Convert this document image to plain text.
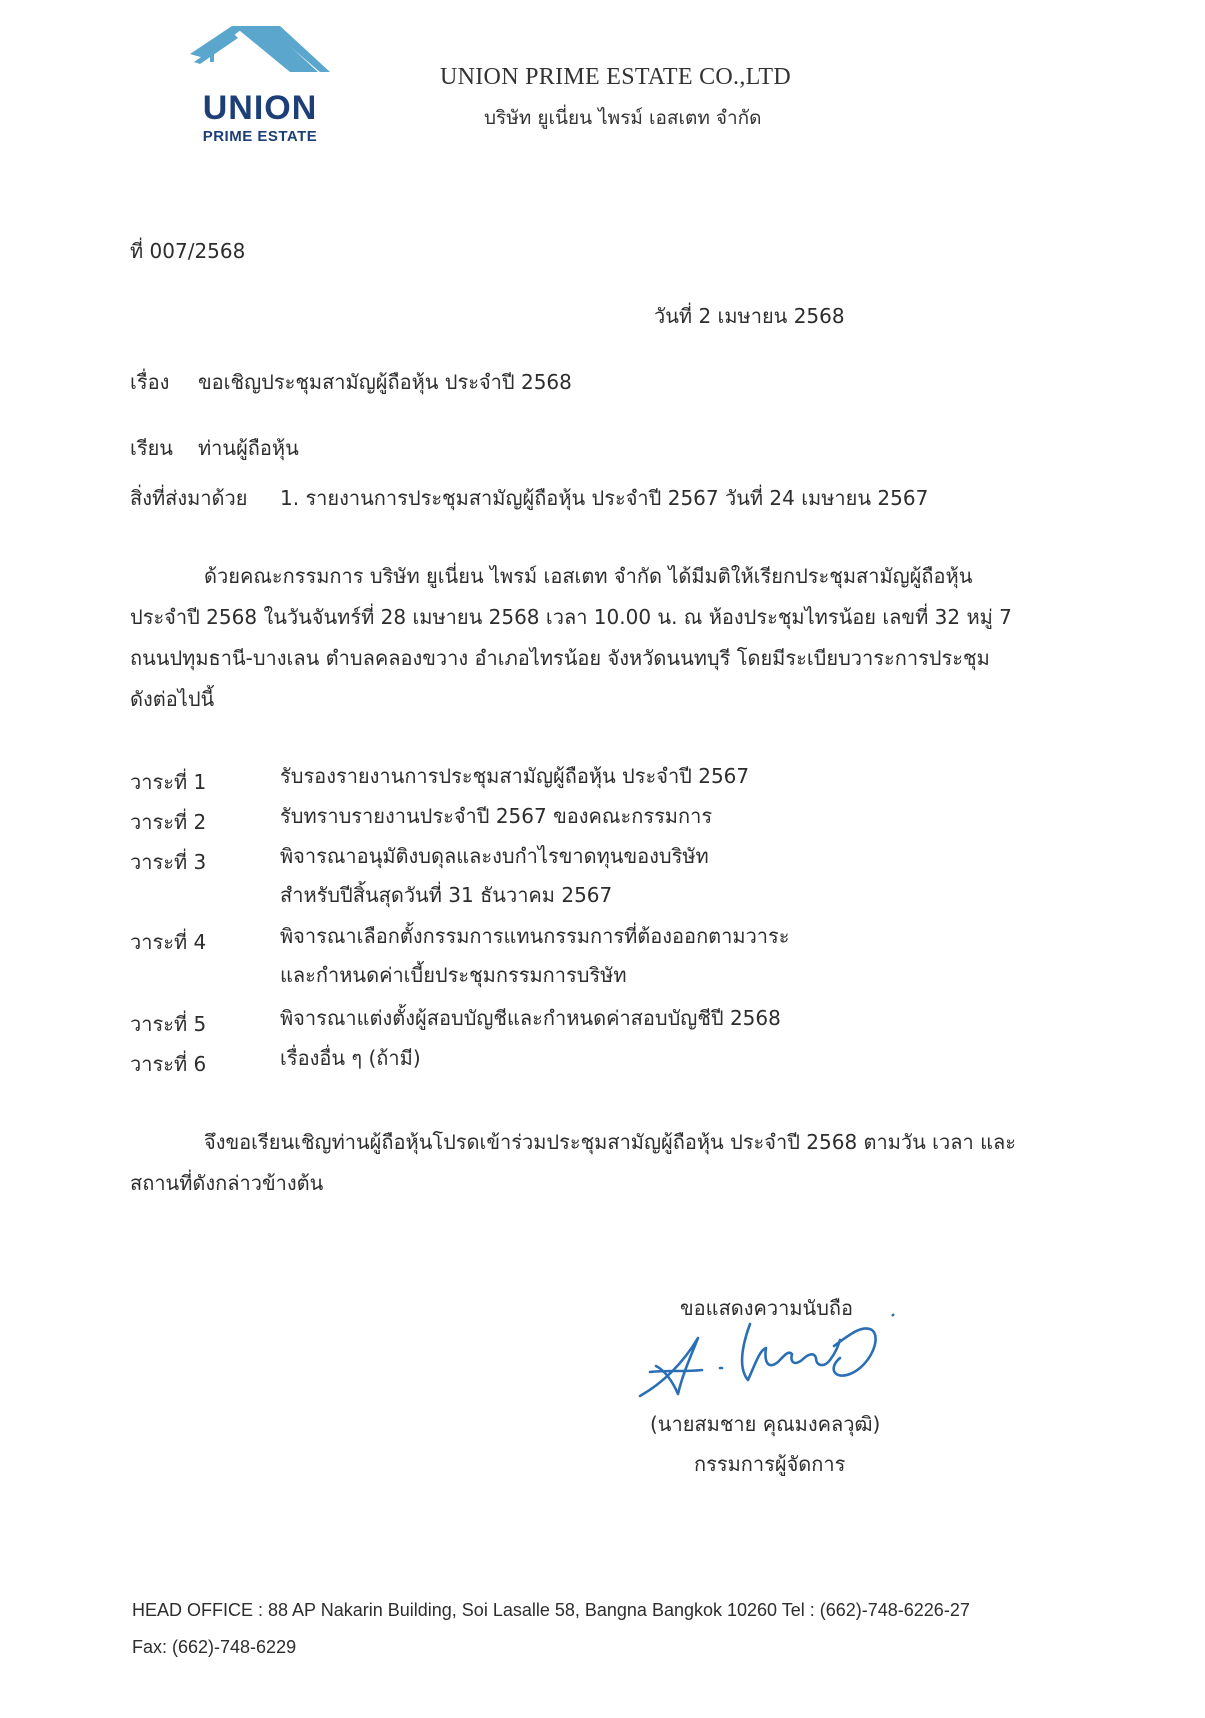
UNION
PRIME ESTATE
UNION PRIME ESTATE CO.,LTD
บริษัท ยูเนี่ยน ไพรม์ เอสเตท จำกัด
ที่ 007/2568
วันที่ 2 เมษายน 2568
เรื่อง ขอเชิญประชุมสามัญผู้ถือหุ้น ประจำปี 2568
เรียน ท่านผู้ถือหุ้น
สิ่งที่ส่งมาด้วย 1. รายงานการประชุมสามัญผู้ถือหุ้น ประจำปี 2567 วันที่ 24 เมษายน 2567
ด้วยคณะกรรมการ บริษัท ยูเนี่ยน ไพรม์ เอสเตท จำกัด ได้มีมติให้เรียกประชุมสามัญผู้ถือหุ้น
ประจำปี 2568 ในวันจันทร์ที่ 28 เมษายน 2568 เวลา 10.00 น. ณ ห้องประชุมไทรน้อย เลขที่ 32 หมู่ 7
ถนนปทุมธานี-บางเลน ตำบลคลองขวาง อำเภอไทรน้อย จังหวัดนนทบุรี โดยมีระเบียบวาระการประชุม
ดังต่อไปนี้
วาระที่ 1	รับรองรายงานการประชุมสามัญผู้ถือหุ้น ประจำปี 2567
วาระที่ 2	รับทราบรายงานประจำปี 2567 ของคณะกรรมการ
วาระที่ 3	พิจารณาอนุมัติงบดุลและงบกำไรขาดทุนของบริษัท
สำหรับปีสิ้นสุดวันที่ 31 ธันวาคม 2567
วาระที่ 4	พิจารณาเลือกตั้งกรรมการแทนกรรมการที่ต้องออกตามวาระ
และกำหนดค่าเบี้ยประชุมกรรมการบริษัท
วาระที่ 5	พิจารณาแต่งตั้งผู้สอบบัญชีและกำหนดค่าสอบบัญชีปี 2568
วาระที่ 6	เรื่องอื่น ๆ (ถ้ามี)
จึงขอเรียนเชิญท่านผู้ถือหุ้นโปรดเข้าร่วมประชุมสามัญผู้ถือหุ้น ประจำปี 2568 ตามวัน เวลา และ
สถานที่ดังกล่าวข้างต้น
ขอแสดงความนับถือ
(นายสมชาย คุณมงคลวุฒิ)
กรรมการผู้จัดการ
HEAD OFFICE : 88 AP Nakarin Building, Soi Lasalle 58, Bangna Bangkok 10260 Tel : (662)-748-6226-27
Fax: (662)-748-6229
